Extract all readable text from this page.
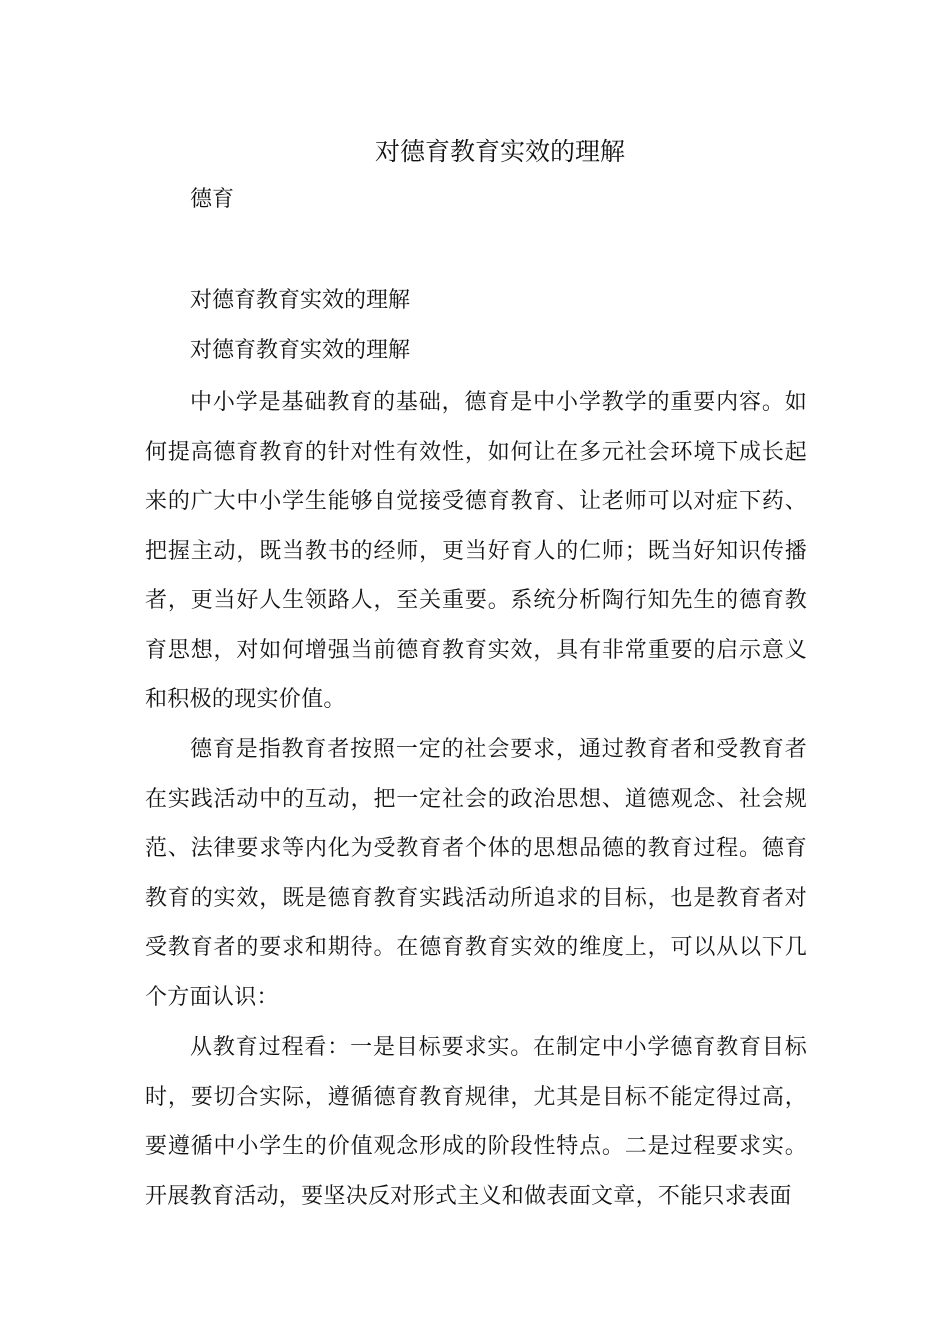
对德育教育实效的理解
德育
对德育教育实效的理解
对德育教育实效的理解

中小学是基础教育的基础，德育是中小学教学的重要内容。如何提高德育教育的针对性有效性，如何让在多元社会环境下成长起来的广大中小学生能够自觉接受德育教育、让老师可以对症下药、把握主动，既当教书的经师，更当好育人的仁师；既当好知识传播者，更当好人生领路人，至关重要。系统分析陶行知先生的德育教育思想，对如何增强当前德育教育实效，具有非常重要的启示意义和积极的现实价值。

德育是指教育者按照一定的社会要求，通过教育者和受教育者在实践活动中的互动，把一定社会的政治思想、道德观念、社会规范、法律要求等内化为受教育者个体的思想品德的教育过程。德育教育的实效，既是德育教育实践活动所追求的目标，也是教育者对受教育者的要求和期待。在德育教育实效的维度上，可以从以下几个方面认识：

从教育过程看：一是目标要求实。在制定中小学德育教育目标时，要切合实际，遵循德育教育规律，尤其是目标不能定得过高，要遵循中小学生的价值观念形成的阶段性特点。二是过程要求实。开展教育活动，要坚决反对形式主义和做表面文章，不能只求表面
